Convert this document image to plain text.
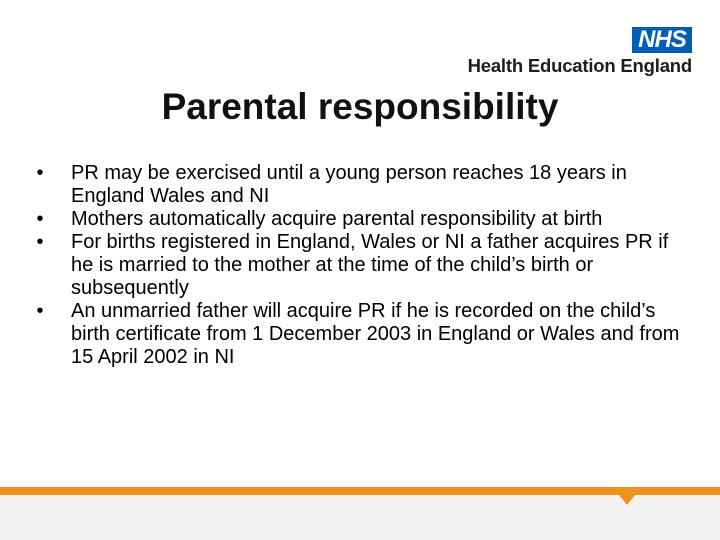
NHS
Health Education England
Parental responsibility
•	PR may be exercised until a young person reaches 18 years in England Wales and NI
•	Mothers automatically acquire parental responsibility at birth
•	For births registered in England, Wales or NI a father acquires PR if he is married to the mother at the time of the child’s birth or subsequently
•	An unmarried father will acquire PR if he is recorded on the child’s birth certificate from 1 December 2003 in England or Wales and from 15 April 2002 in NI
